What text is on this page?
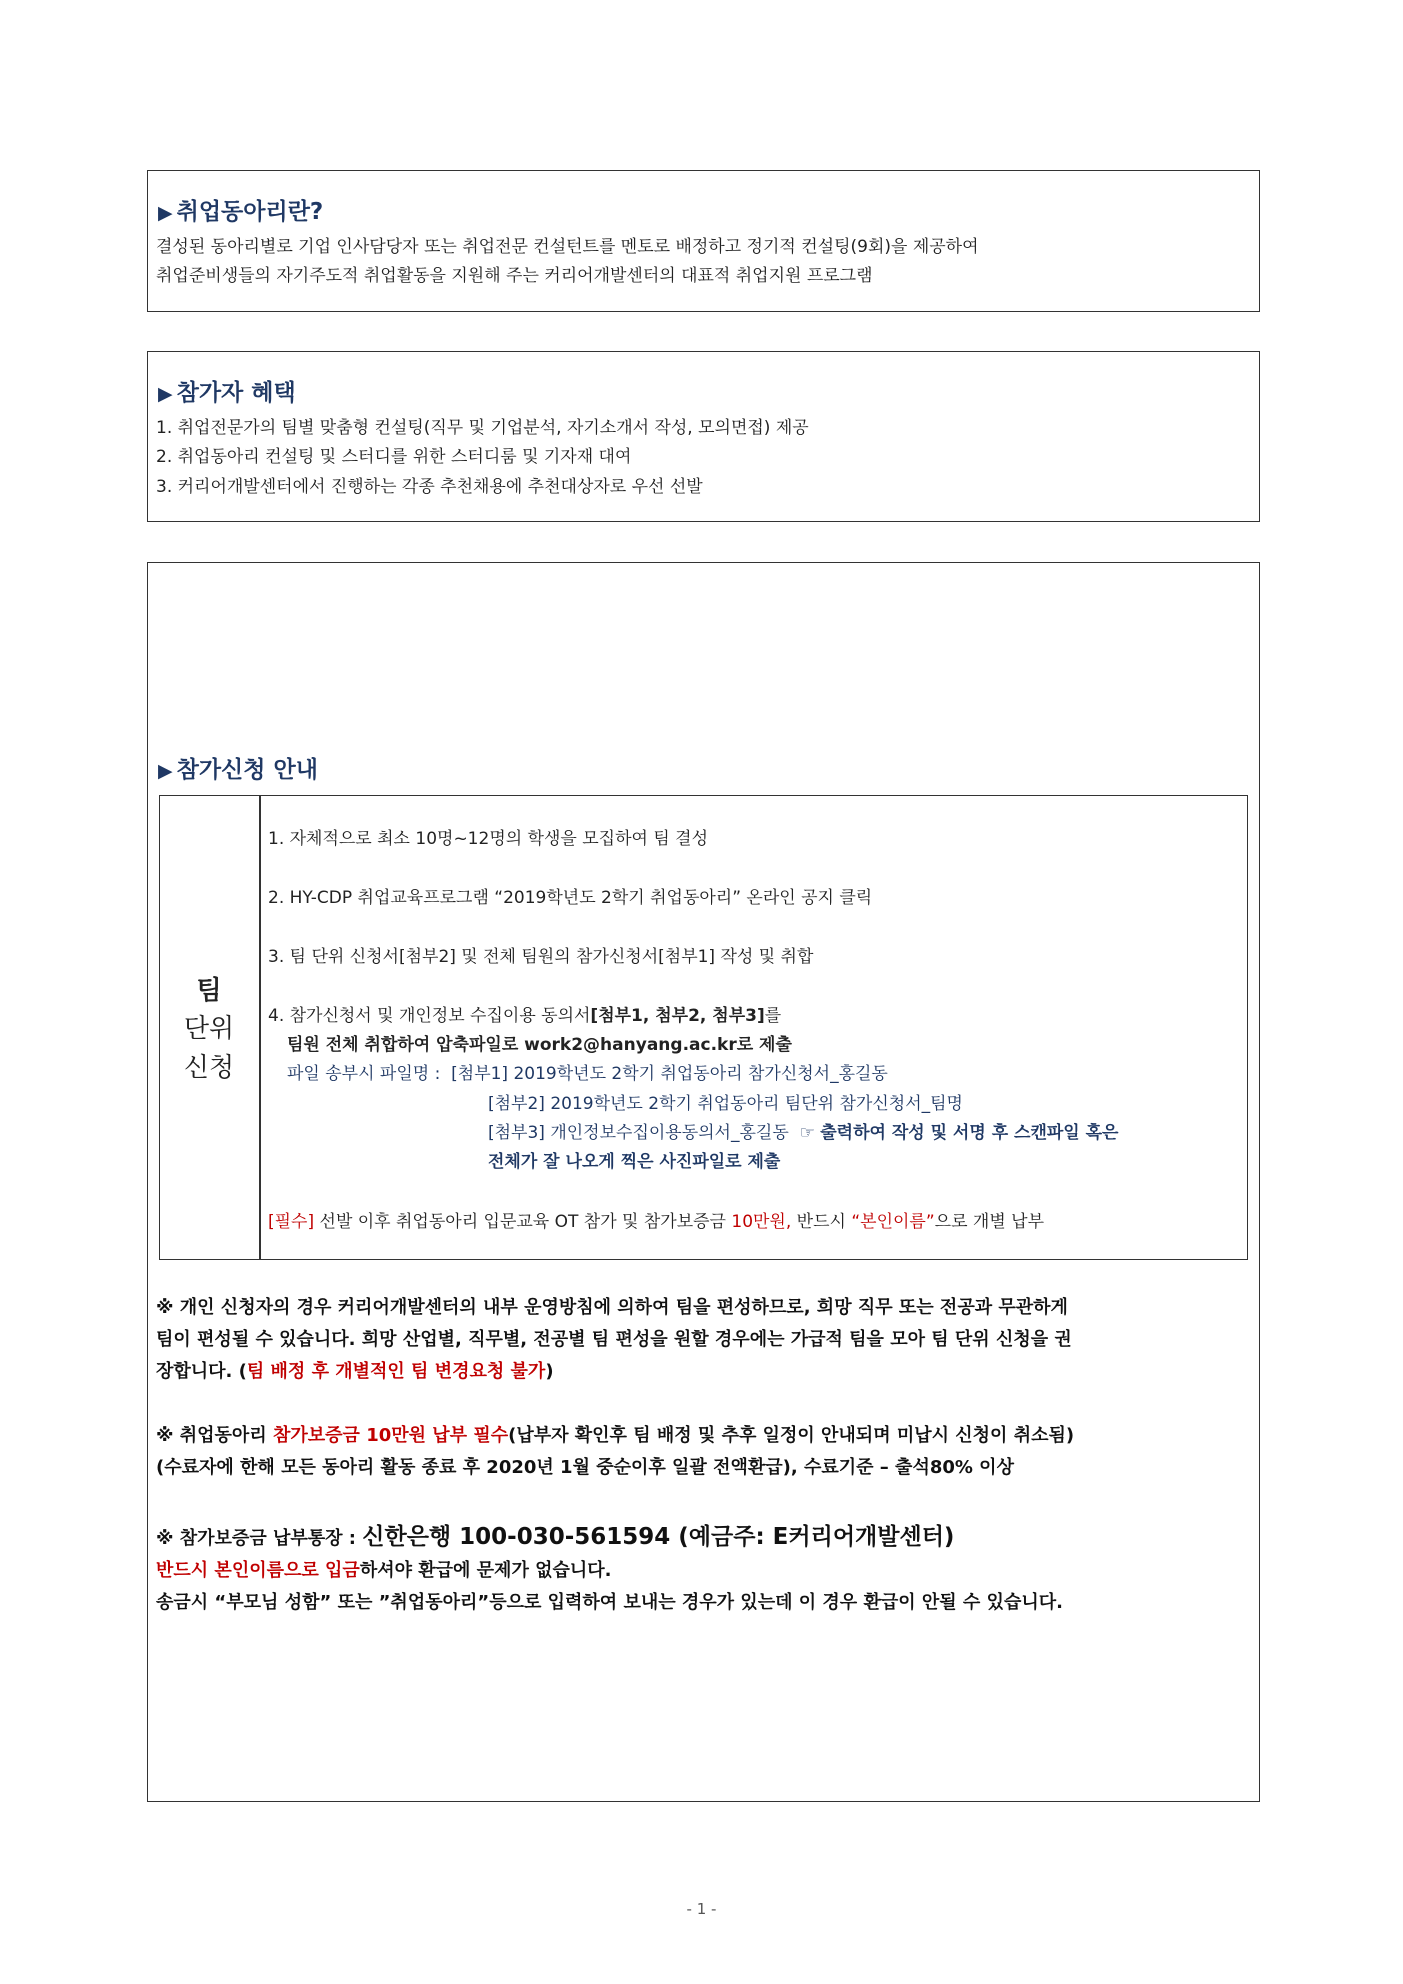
▶ 취업동아리란?
결성된 동아리별로 기업 인사담당자 또는 취업전문 컨설턴트를 멘토로 배정하고 정기적 컨설팅(9회)을 제공하여
취업준비생들의 자기주도적 취업활동을 지원해 주는 커리어개발센터의 대표적 취업지원 프로그램
▶ 참가자 혜택
1. 취업전문가의 팀별 맞춤형 컨설팅(직무 및 기업분석, 자기소개서 작성, 모의면접) 제공
2. 취업동아리 컨설팅 및 스터디를 위한 스터디룸 및 기자재 대여
3. 커리어개발센터에서 진행하는 각종 추천채용에 추천대상자로 우선 선발
▶ 참가신청 안내
팀
단위
신청
1. 자체적으로 최소 10명~12명의 학생을 모집하여 팀 결성
2. HY-CDP 취업교육프로그램 “2019학년도 2학기 취업동아리” 온라인 공지 클릭
3. 팀 단위 신청서[첨부2] 및 전체 팀원의 참가신청서[첨부1] 작성 및 취합
4. 참가신청서 및 개인정보 수집이용 동의서[첨부1, 첨부2, 첨부3]를
팀원 전체 취합하여 압축파일로 work2@hanyang.ac.kr로 제출
파일 송부시 파일명 : [첨부1] 2019학년도 2학기 취업동아리 참가신청서_홍길동
[첨부2] 2019학년도 2학기 취업동아리 팀단위 참가신청서_팀명
[첨부3] 개인정보수집이용동의서_홍길동 ☞ 출력하여 작성 및 서명 후 스캔파일 혹은
전체가 잘 나오게 찍은 사진파일로 제출
[필수] 선발 이후 취업동아리 입문교육 OT 참가 및 참가보증금 10만원, 반드시 “본인이름”으로 개별 납부
※ 개인 신청자의 경우 커리어개발센터의 내부 운영방침에 의하여 팀을 편성하므로, 희망 직무 또는 전공과 무관하게
팀이 편성될 수 있습니다. 희망 산업별, 직무별, 전공별 팀 편성을 원할 경우에는 가급적 팀을 모아 팀 단위 신청을 권
장합니다. (팀 배정 후 개별적인 팀 변경요청 불가)
※ 취업동아리 참가보증금 10만원 납부 필수(납부자 확인후 팀 배정 및 추후 일정이 안내되며 미납시 신청이 취소됨)
(수료자에 한해 모든 동아리 활동 종료 후 2020년 1월 중순이후 일괄 전액환급), 수료기준 – 출석80% 이상
※ 참가보증금 납부통장 : 신한은행 100-030-561594 (예금주: E커리어개발센터)
반드시 본인이름으로 입금하셔야 환급에 문제가 없습니다.
송금시 “부모님 성함” 또는 ”취업동아리”등으로 입력하여 보내는 경우가 있는데 이 경우 환급이 안될 수 있습니다.
- 1 -
